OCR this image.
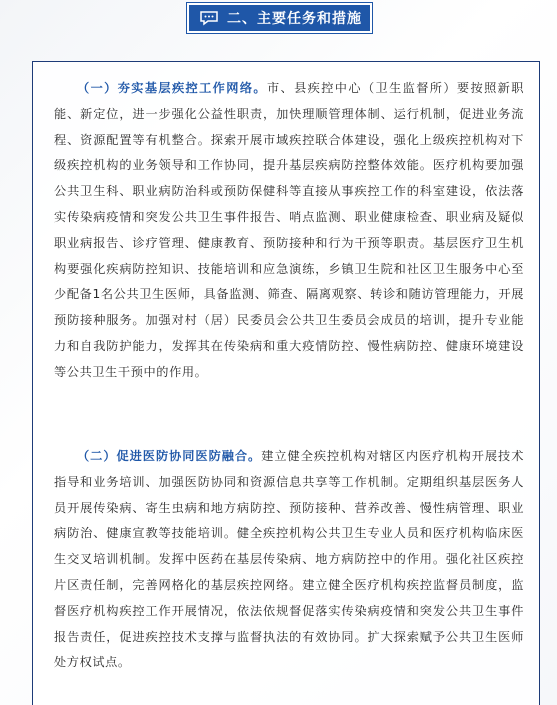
二、主要任务和措施
（一）夯实基层疾控工作网络。市、县疾控中心（卫生监督所）要按照新职能、新定位，进一步强化公益性职责，加快理顺管理体制、运行机制，促进业务流程、资源配置等有机整合。探索开展市域疾控联合体建设，强化上级疾控机构对下级疾控机构的业务领导和工作协同，提升基层疾病防控整体效能。医疗机构要加强公共卫生科、职业病防治科或预防保健科等直接从事疾控工作的科室建设，依法落实传染病疫情和突发公共卫生事件报告、哨点监测、职业健康检查、职业病及疑似职业病报告、诊疗管理、健康教育、预防接种和行为干预等职责。基层医疗卫生机构要强化疾病防控知识、技能培训和应急演练，乡镇卫生院和社区卫生服务中心至少配备1名公共卫生医师，具备监测、筛查、隔离观察、转诊和随访管理能力，开展预防接种服务。加强对村（居）民委员会公共卫生委员会成员的培训，提升专业能力和自我防护能力，发挥其在传染病和重大疫情防控、慢性病防控、健康环境建设等公共卫生干预中的作用。
（二）促进医防协同医防融合。建立健全疾控机构对辖区内医疗机构开展技术指导和业务培训、加强医防协同和资源信息共享等工作机制。定期组织基层医务人员开展传染病、寄生虫病和地方病防控、预防接种、营养改善、慢性病管理、职业病防治、健康宣教等技能培训。健全疾控机构公共卫生专业人员和医疗机构临床医生交叉培训机制。发挥中医药在基层传染病、地方病防控中的作用。强化社区疾控片区责任制，完善网格化的基层疾控网络。建立健全医疗机构疾控监督员制度，监督医疗机构疾控工作开展情况，依法依规督促落实传染病疫情和突发公共卫生事件报告责任，促进疾控技术支撑与监督执法的有效协同。扩大探索赋予公共卫生医师处方权试点。
